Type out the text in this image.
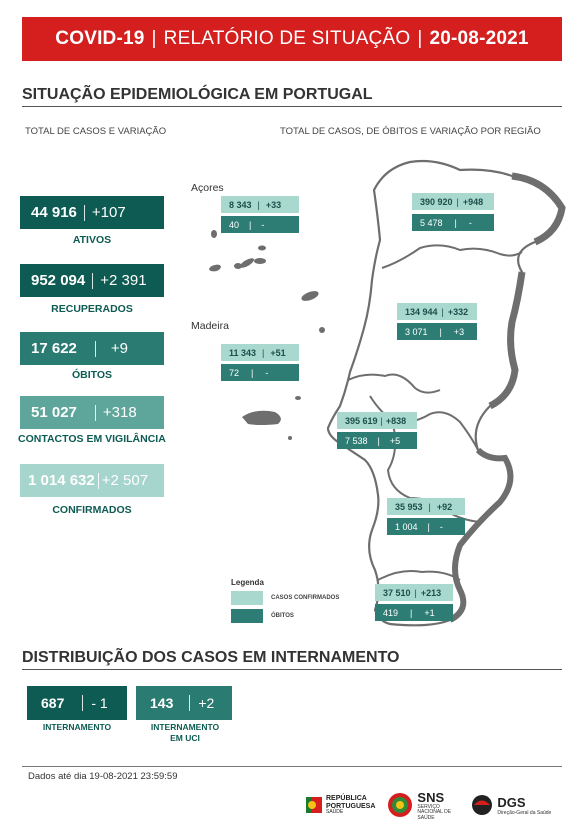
COVID-19 | RELATÓRIO DE SITUAÇÃO | 20-08-2021
SITUAÇÃO EPIDEMIOLÓGICA EM PORTUGAL
TOTAL DE CASOS E VARIAÇÃO	TOTAL DE CASOS, DE ÓBITOS E VARIAÇÃO POR REGIÃO
44 916 +107
ATIVOS
952 094 +2 391
RECUPERADOS
17 622 +9
ÓBITOS
51 027 +318
CONTACTOS EM VIGILÂNCIA
1 014 632 +2 507
CONFIRMADOS
Açores
Madeira
8 343 | +33
40 | -
11 343 | +51
72 | -
390 920 | +948
5 478 | -
134 944 | +332
3 071 | +3
395 619 | +838
7 538 | +5
35 953 | +92
1 004 | -
37 510 | +213
419 | +1
Legenda
CASOS CONFIRMADOS
ÓBITOS
DISTRIBUIÇÃO DOS CASOS EM INTERNAMENTO
687 - 1
INTERNAMENTO
143 +2
INTERNAMENTO EM UCI
Dados até dia 19-08-2021 23:59:59
REPÚBLICA
PORTUGUESA
SAÚDE
SNS
SERVIÇO NACIONAL DE SAÚDE
DGS
Direção-Geral da Saúde
